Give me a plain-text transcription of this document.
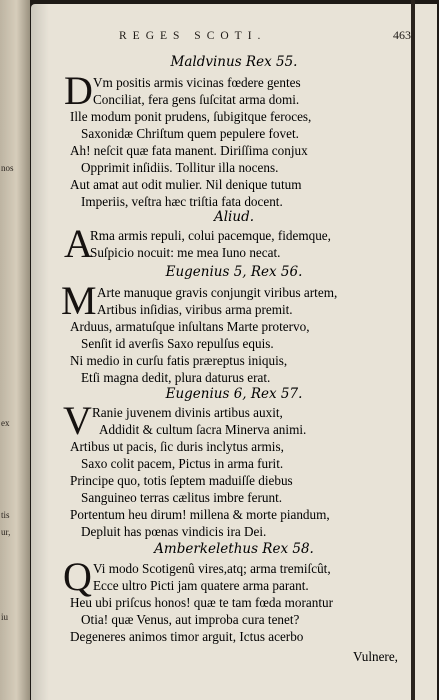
nos
ex
tis
ur,
iu
REGES SCOTI.	463
Maldvinus Rex 55.
D Vm positis armis vicinas fœdere gentes
Conciliat, fera gens ſuſcitat arma domi.
Ille modum ponit prudens, ſubigitque feroces,
Saxonidæ Chriſtum quem pepulere fovet.
Ah! neſcit quæ fata manent. Diriſſima conjux
Opprimit inſidiis. Tollitur illa nocens.
Aut amat aut odit mulier. Nil denique tutum
Imperiis, veſtra hæc triſtia fata docent.
Aliud.
A
Rma armis repuli, colui pacemque, fidemque,
Suſpicio nocuit: me mea Iuno necat.
Eugenius 5, Rex 56.
M Arte manuque gravis conjungit viribus artem,
Artibus inſidias, viribus arma premit.
Arduus, armatuſque inſultans Marte protervo,
Senſit id averſis Saxo repulſus equis.
Ni medio in curſu fatis præreptus iniquis,
Etſi magna dedit, plura daturus erat.
Eugenius 6, Rex 57.
V Ranie juvenem divinis artibus auxit,
Addidit & cultum ſacra Minerva animi.
Artibus ut pacis, ſic duris inclytus armis,
Saxo colit pacem, Pictus in arma furit.
Principe quo, totis ſeptem maduiſſe diebus
Sanguineo terras cælitus imbre ferunt.
Portentum heu dirum! millena & morte piandum,
Depluit has pœnas vindicis ira Dei.
Amberkelethus Rex 58.
Q Vi modo Scotigenû vires,atq; arma tremiſcût,
Ecce ultro Picti jam quatere arma parant.
Heu ubi priſcus honos! quæ te tam fœda morantur
Otia! quæ Venus, aut improba cura tenet?
Degeneres animos timor arguit, Ictus acerbo
Vulnere,
